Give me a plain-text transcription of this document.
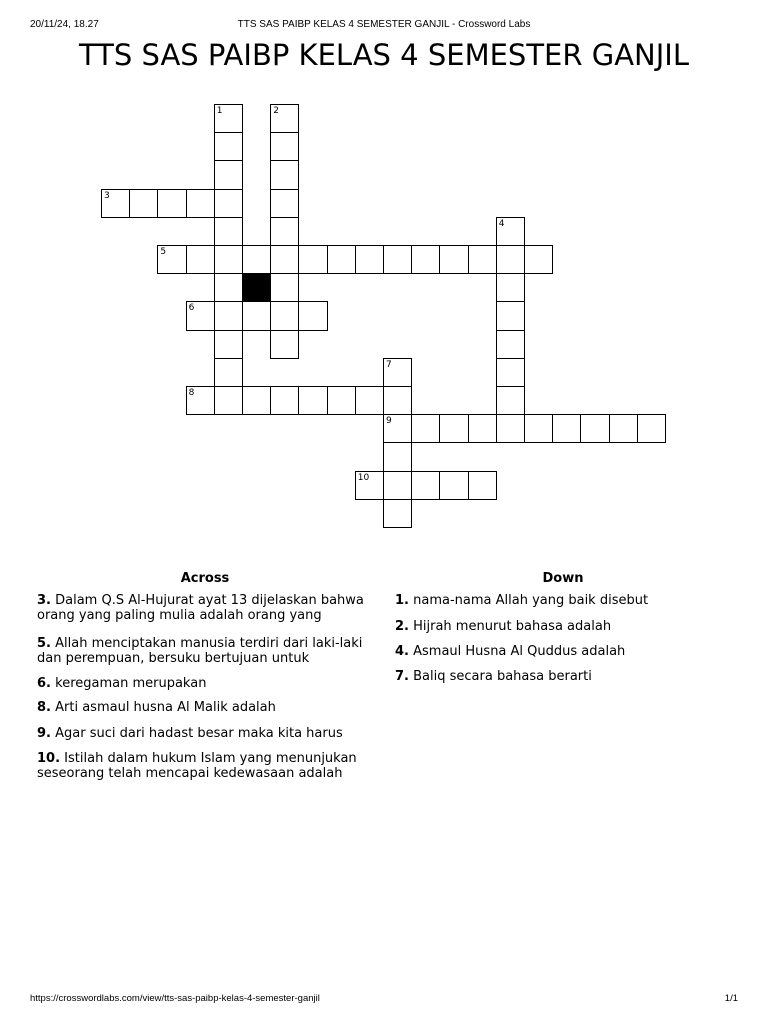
20/11/24, 18.27	TTS SAS PAIBP KELAS 4 SEMESTER GANJIL - Crossword Labs
TTS SAS PAIBP KELAS 4 SEMESTER GANJIL
1	2
3
4
5
6
7
9
8
10
Across
3. Dalam Q.S Al-Hujurat ayat 13 dijelaskan bahwa orang yang paling mulia adalah orang yang
5. Allah menciptakan manusia terdiri dari laki-laki dan perempuan, bersuku bertujuan untuk
6. keregaman merupakan
8. Arti asmaul husna Al Malik adalah
9. Agar suci dari hadast besar maka kita harus
10. Istilah dalam hukum Islam yang menunjukan seseorang telah mencapai kedewasaan adalah
Down
1. nama-nama Allah yang baik disebut
2. Hijrah menurut bahasa adalah
4. Asmaul Husna Al Quddus adalah
7. Baliq secara bahasa berarti
https://crosswordlabs.com/view/tts-sas-paibp-kelas-4-semester-ganjil	1/1
